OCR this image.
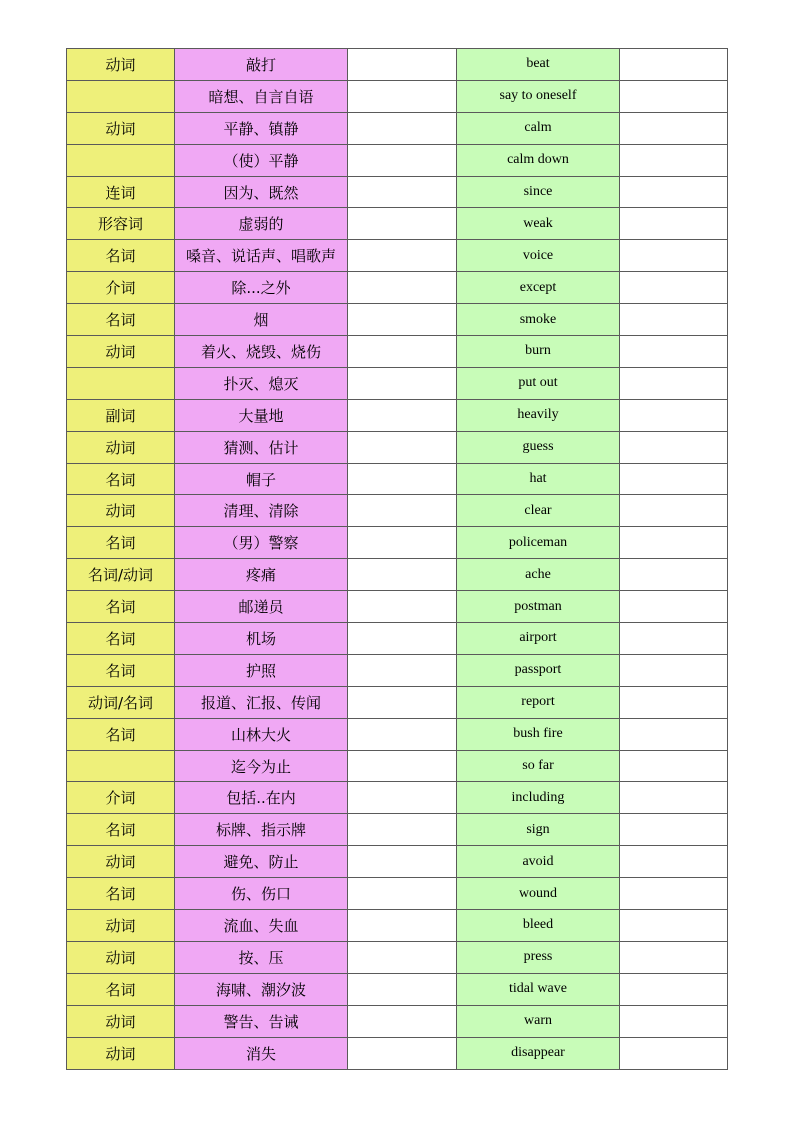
动词	敲打		beat	
	暗想、自言自语		say to oneself	
动词	平静、镇静		calm	
	（使）平静		calm down	
连词	因为、既然		since	
形容词	虚弱的		weak	
名词	嗓音、说话声、唱歌声		voice	
介词	除...之外		except	
名词	烟		smoke	
动词	着火、烧毁、烧伤		burn	
	扑灭、熄灭		put out	
副词	大量地		heavily	
动词	猜测、估计		guess	
名词	帽子		hat	
动词	清理、清除		clear	
名词	（男）警察		policeman	
名词/动词	疼痛		ache	
名词	邮递员		postman	
名词	机场		airport	
名词	护照		passport	
动词/名词	报道、汇报、传闻		report	
名词	山林大火		bush fire	
	迄今为止		so far	
介词	包括..在内		including	
名词	标牌、指示牌		sign	
动词	避免、防止		avoid	
名词	伤、伤口		wound	
动词	流血、失血		bleed	
动词	按、压		press	
名词	海啸、潮汐波		tidal wave	
动词	警告、告诫		warn	
动词	消失		disappear	
